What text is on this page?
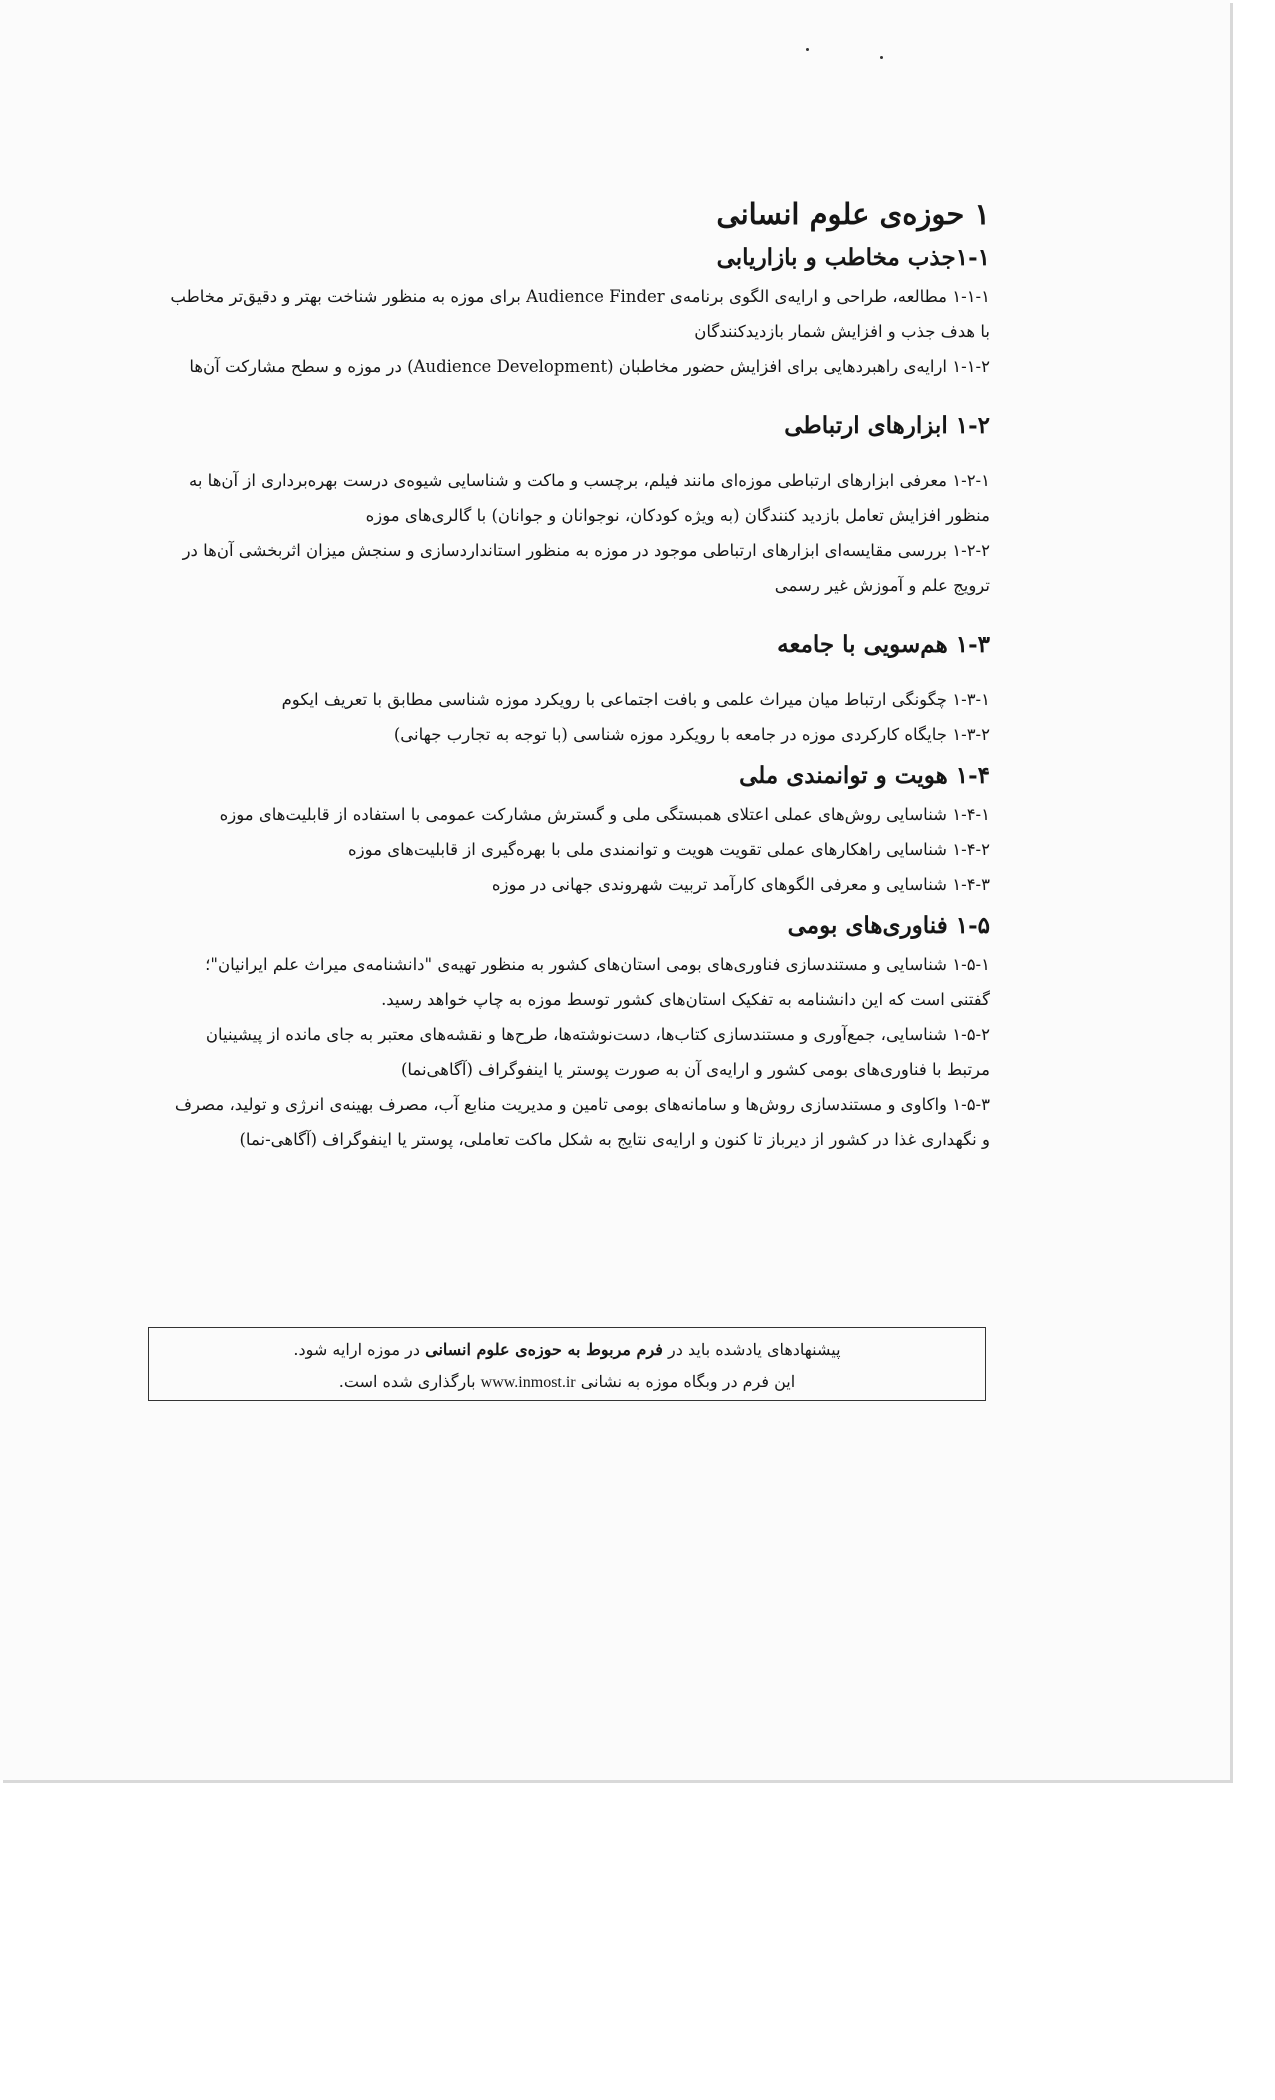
۱ حوزه‌ی علوم انسانی
۱-۱جذب مخاطب و بازاریابی

۱-۱-۱ مطالعه، طراحی و ارایه‌ی الگوی برنامه‌ی Audience Finder برای موزه به منظور شناخت بهتر و دقیق‌تر مخاطب با هدف جذب و افزایش شمار بازدیدکنندگان

۱-۱-۲ ارایه‌ی راهبردهایی برای افزایش حضور مخاطبان (Audience Development) در موزه و سطح مشارکت آن‌ها

۱-۲ ابزارهای ارتباطی

۱-۲-۱ معرفی ابزارهای ارتباطی موزه‌ای مانند فیلم، برچسب و ماکت و شناسایی شیوه‌ی درست بهره‌برداری از آن‌ها به منظور افزایش تعامل بازدید کنندگان (به ویژه کودکان، نوجوانان و جوانان) با گالری‌های موزه

۱-۲-۲ بررسی مقایسه‌ای ابزارهای ارتباطی موجود در موزه به منظور استانداردسازی و سنجش میزان اثربخشی آن‌ها در ترویج علم و آموزش غیر رسمی

۱-۳ هم‌سویی با جامعه

۱-۳-۱ چگونگی ارتباط میان میراث علمی و بافت اجتماعی با رویکرد موزه شناسی مطابق با تعریف ایکوم

۱-۳-۲ جایگاه کارکردی موزه در جامعه با رویکرد موزه شناسی (با توجه به تجارب جهانی)

۱-۴ هویت و توانمندی ملی

۱-۴-۱ شناسایی روش‌های عملی اعتلای همبستگی ملی و گسترش مشارکت عمومی با استفاده از قابلیت‌های موزه

۱-۴-۲ شناسایی راهکارهای عملی تقویت هویت و توانمندی ملی با بهره‌گیری از قابلیت‌های موزه

۱-۴-۳ شناسایی و معرفی الگوهای کارآمد تربیت شهروندی جهانی در موزه

۱-۵ فناوری‌های بومی

۱-۵-۱ شناسایی و مستندسازی فناوری‌های بومی استان‌های کشور به منظور تهیه‌ی "دانشنامه‌ی میراث علم ایرانیان"؛ گفتنی است که این دانشنامه به تفکیک استان‌های کشور توسط موزه به چاپ خواهد رسید.

۱-۵-۲ شناسایی، جمع‌آوری و مستندسازی کتاب‌ها، دست‌نوشته‌ها، طرح‌ها و نقشه‌های معتبر به جای مانده از پیشینیان مرتبط با فناوری‌های بومی کشور و ارایه‌ی آن به صورت پوستر یا اینفوگراف (آگاهی‌نما)

۱-۵-۳ واکاوی و مستندسازی روش‌ها و سامانه‌های بومی تامین و مدیریت منابع آب، مصرف بهینه‌ی انرژی و تولید، مصرف و نگهداری غذا در کشور از دیرباز تا کنون و ارایه‌ی نتایج به شکل ماکت تعاملی، پوستر یا اینفوگراف (آگاهی-نما)

پیشنهادهای یادشده باید در فرم مربوط به حوزه‌ی علوم انسانی در موزه ارایه شود.

این فرم در وبگاه موزه به نشانی www.inmost.ir بارگذاری شده است.
